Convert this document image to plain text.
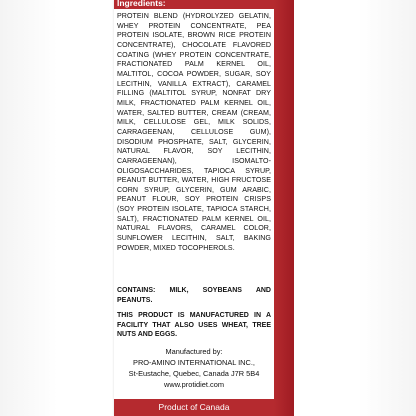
Ingredients:
PROTEIN BLEND (HYDROLYZED GELATIN, WHEY PROTEIN CONCENTRATE, PEA PROTEIN ISOLATE, BROWN RICE PROTEIN CONCENTRATE), CHOCOLATE FLAVORED COATING (WHEY PROTEIN CONCENTRATE, FRACTIONATED PALM KERNEL OIL, MALTITOL, COCOA POWDER, SUGAR, SOY LECITHIN, VANILLA EXTRACT), CARAMEL FILLING (MALTITOL SYRUP, NONFAT DRY MILK, FRACTIONATED PALM KERNEL OIL, WATER, SALTED BUTTER, CREAM (CREAM, MILK, CELLULOSE GEL, MILK SOLIDS, CARRAGEENAN, CELLULOSE GUM), DISODIUM PHOSPHATE, SALT, GLYCERIN, NATURAL FLAVOR, SOY LECITHIN, CARRAGEENAN), ISOMALTO-OLIGOSACCHARIDES, TAPIOCA SYRUP, PEANUT BUTTER, WATER, HIGH FRUCTOSE CORN SYRUP, GLYCERIN, GUM ARABIC, PEANUT FLOUR, SOY PROTEIN CRISPS (SOY PROTEIN ISOLATE, TAPIOCA STARCH, SALT), FRACTIONATED PALM KERNEL OIL, NATURAL FLAVORS, CARAMEL COLOR, SUNFLOWER LECITHIN, SALT, BAKING POWDER, MIXED TOCOPHEROLS.
CONTAINS: MILK, SOYBEANS AND PEANUTS.
THIS PRODUCT IS MANUFACTURED IN A FACILITY THAT ALSO USES WHEAT, TREE NUTS AND EGGS.
Manufactured by:
PRO-AMINO INTERNATIONAL INC.,
St-Eustache, Quebec, Canada J7R 5B4
www.protidiet.com
Product of Canada
